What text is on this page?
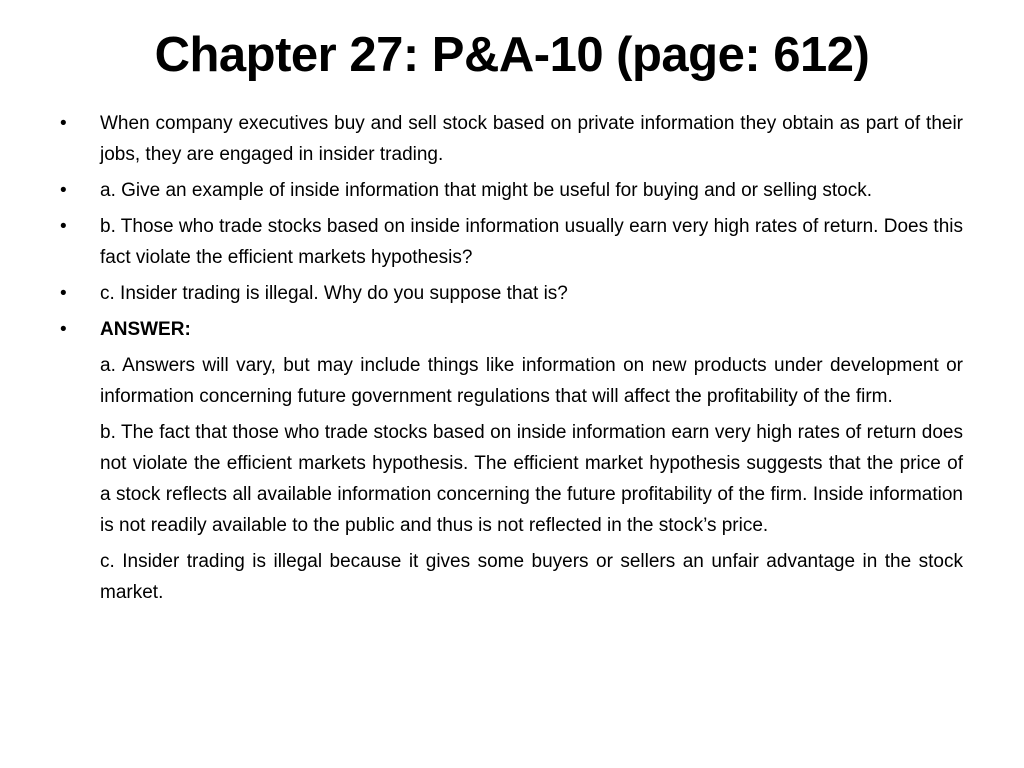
Chapter 27: P&A-10 (page: 612)
•	When company executives buy and sell stock based on private information they obtain as part of their jobs, they are engaged in insider trading.
•	a. Give an example of inside information that might be useful for buying and or selling stock.
•	b. Those who trade stocks based on inside information usually earn very high rates of return. Does this fact violate the efficient markets hypothesis?
•	c. Insider trading is illegal. Why do you suppose that is?
•	ANSWER:
a. Answers will vary, but may include things like information on new products under development or information concerning future government regulations that will affect the profitability of the firm.
b. The fact that those who trade stocks based on inside information earn very high rates of return does not violate the efficient markets hypothesis. The efficient market hypothesis suggests that the price of a stock reflects all available information concerning the future profitability of the firm. Inside information is not readily available to the public and thus is not reflected in the stock’s price.
c. Insider trading is illegal because it gives some buyers or sellers an unfair advantage in the stock market.
